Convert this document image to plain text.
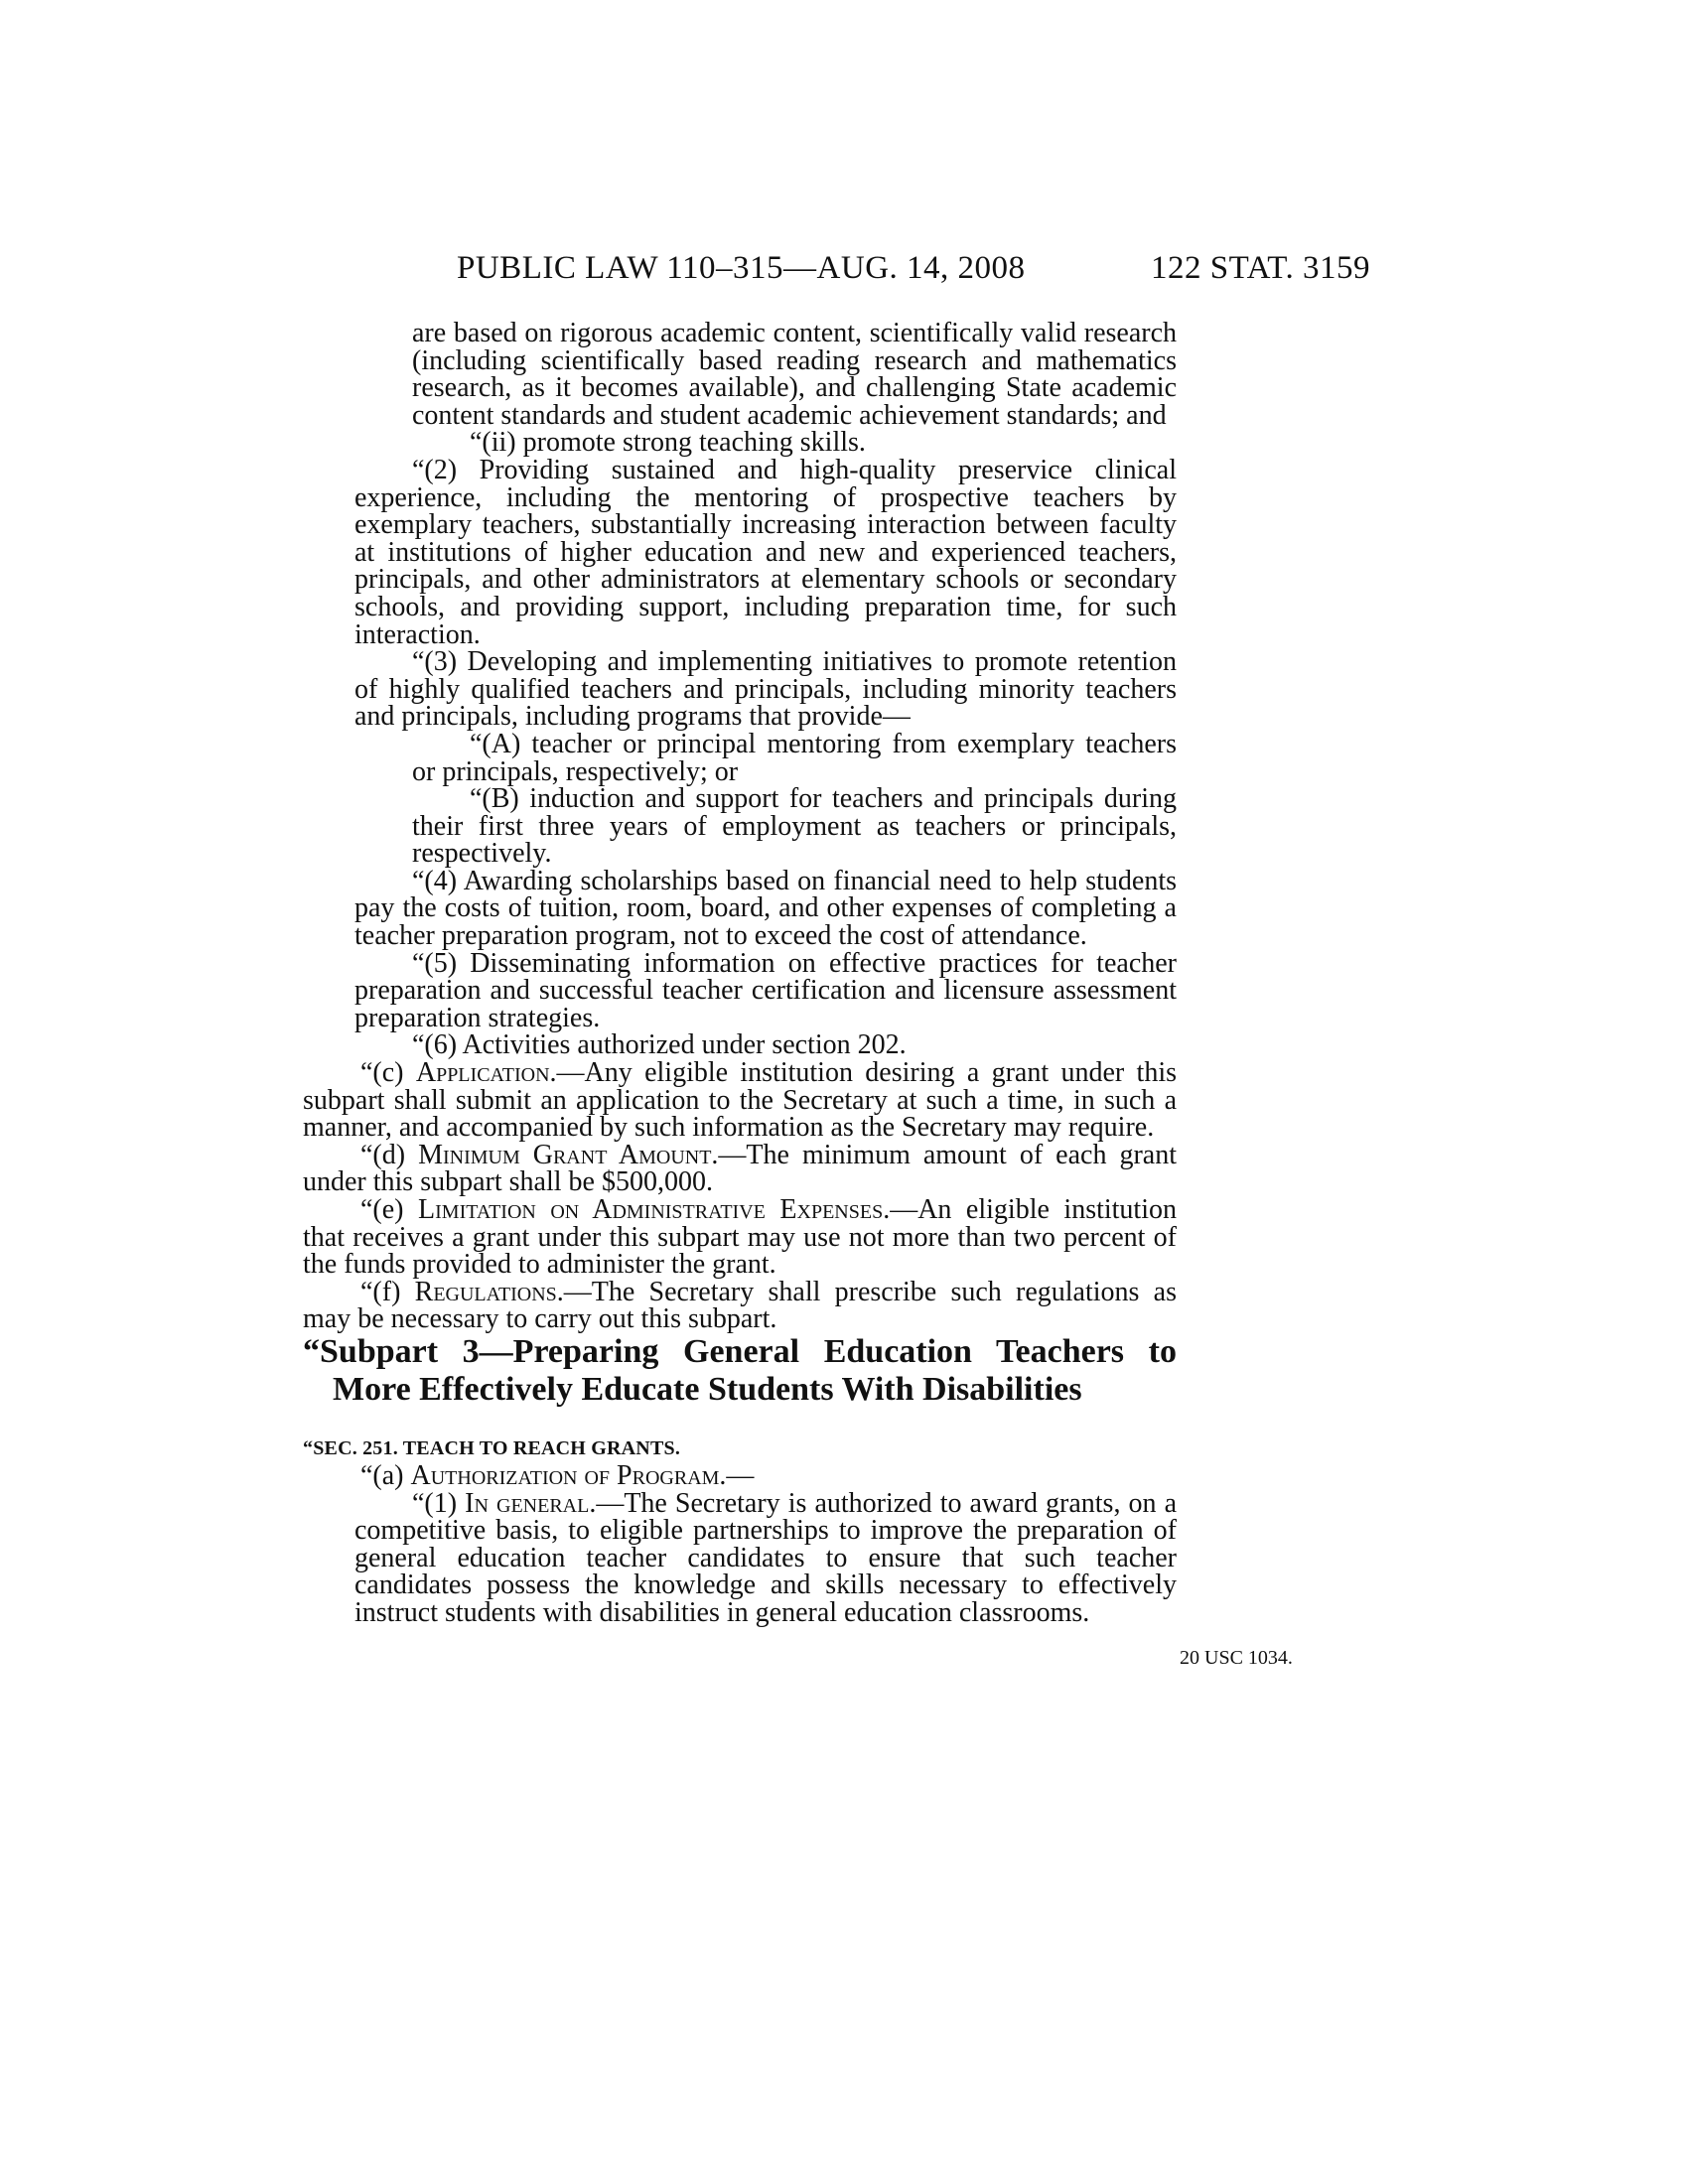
PUBLIC LAW 110–315—AUG. 14, 2008	122 STAT. 3159

are based on rigorous academic content, scientifically valid research (including scientifically based reading research and mathematics research, as it becomes available), and challenging State academic content standards and student academic achievement standards; and

“(ii) promote strong teaching skills.

“(2) Providing sustained and high-quality preservice clinical experience, including the mentoring of prospective teachers by exemplary teachers, substantially increasing interaction between faculty at institutions of higher education and new and experienced teachers, principals, and other administrators at elementary schools or secondary schools, and providing support, including preparation time, for such interaction.

“(3) Developing and implementing initiatives to promote retention of highly qualified teachers and principals, including minority teachers and principals, including programs that provide—

“(A) teacher or principal mentoring from exemplary teachers or principals, respectively; or

“(B) induction and support for teachers and principals during their first three years of employment as teachers or principals, respectively.

“(4) Awarding scholarships based on financial need to help students pay the costs of tuition, room, board, and other expenses of completing a teacher preparation program, not to exceed the cost of attendance.

“(5) Disseminating information on effective practices for teacher preparation and successful teacher certification and licensure assessment preparation strategies.

“(6) Activities authorized under section 202.

“(c) Application.—Any eligible institution desiring a grant under this subpart shall submit an application to the Secretary at such a time, in such a manner, and accompanied by such information as the Secretary may require.

“(d) Minimum Grant Amount.—The minimum amount of each grant under this subpart shall be $500,000.

“(e) Limitation on Administrative Expenses.—An eligible institution that receives a grant under this subpart may use not more than two percent of the funds provided to administer the grant.

“(f) Regulations.—The Secretary shall prescribe such regulations as may be necessary to carry out this subpart.

“Subpart 3—Preparing General Education Teachers to More Effectively Educate Students With Disabilities

“SEC. 251. TEACH TO REACH GRANTS.

“(a) Authorization of Program.—

“(1) In general.—The Secretary is authorized to award grants, on a competitive basis, to eligible partnerships to improve the preparation of general education teacher candidates to ensure that such teacher candidates possess the knowledge and skills necessary to effectively instruct students with disabilities in general education classrooms.

20 USC 1034.
